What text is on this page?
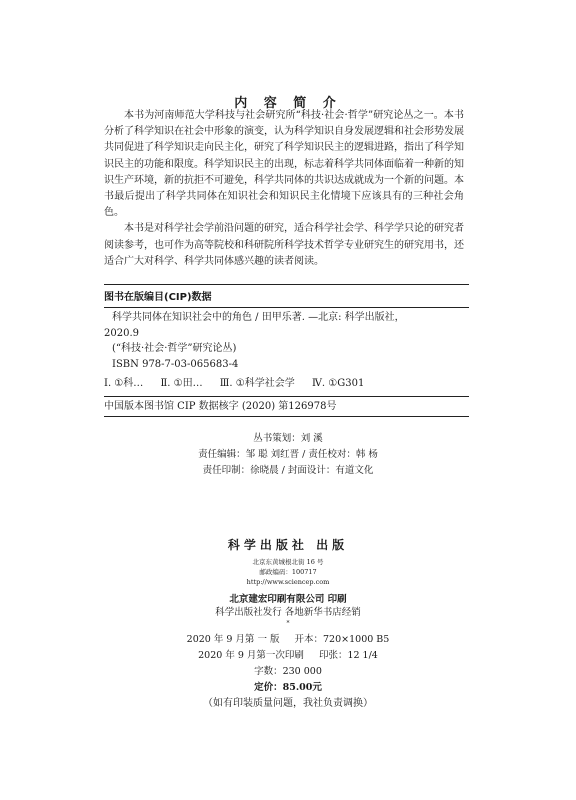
内 容 简 介

本书为河南师范大学科技与社会研究所“科技·社会·哲学”研究论丛之一。本书分析了科学知识在社会中形象的演变，认为科学知识自身发展逻辑和社会形势发展共同促进了科学知识走向民主化，研究了科学知识民主的逻辑进路，指出了科学知识民主的功能和限度。科学知识民主的出现，标志着科学共同体面临着一种新的知识生产环境，新的抗拒不可避免，科学共同体的共识达成就成为一个新的问题。本书最后提出了科学共同体在知识社会和知识民主化情境下应该具有的三种社会角色。

本书是对科学社会学前沿问题的研究，适合科学社会学、科学学只论的研究者阅读参考，也可作为高等院校和科研院所科学技术哲学专业研究生的研究用书，还适合广大对科学、科学共同体感兴趣的读者阅读。

图书在版编目(CIP)数据
科学共同体在知识社会中的角色 / 田甲乐著. —北京: 科学出版社，
2020.9
(“科技·社会·哲学”研究论丛)
ISBN 978-7-03-065683-4
Ⅰ. ①科… Ⅱ. ①田… Ⅲ. ①科学社会学 Ⅳ. ①G301
中国版本图书馆 CIP 数据核字 (2020) 第126978号
丛书策划：刘 溪
责任编辑：邹 聪 刘红晋 / 责任校对：韩 杨
责任印制：徐晓晨 / 封面设计：有道文化
科学出版社 出版
北京东黄城根北街 16 号
邮政编码：100717
http://www.sciencep.com
北京建宏印刷有限公司 印刷
科学出版社发行 各地新华书店经销
*
2020 年 9 月第 一 版 开本：720×1000 B5
2020 年 9 月第一次印刷 印张：12 1/4
字数：230 000
定价：85.00元
（如有印装质量问题，我社负责调换）
